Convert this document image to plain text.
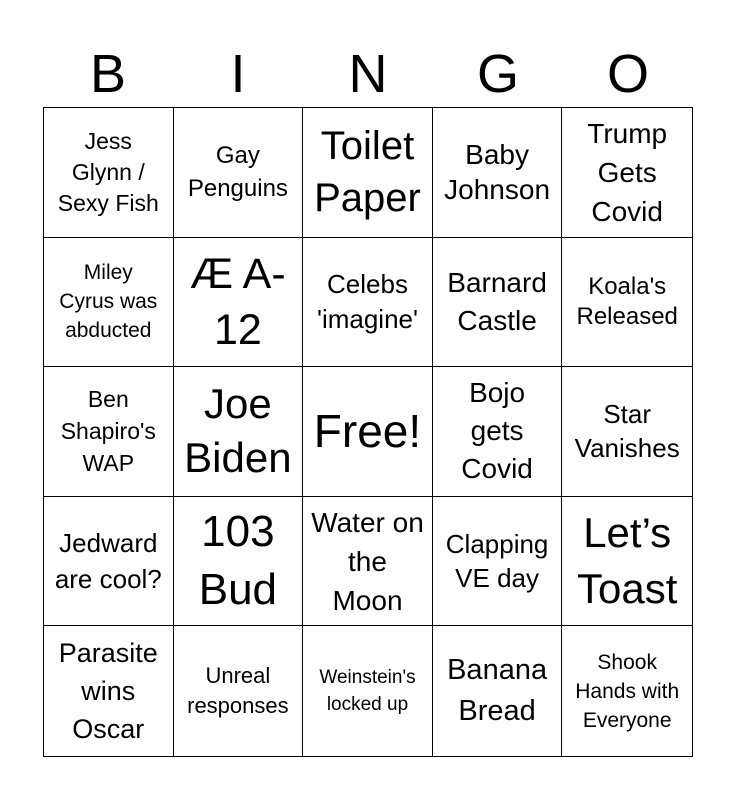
B	I	N	G	O
Jess Glynn / Sexy Fish
Gay Penguins
Toilet Paper
Baby Johnson
Trump Gets Covid
Miley Cyrus was abducted
Æ A-12
Celebs 'imagine'
Barnard Castle
Koala's Released
Ben Shapiro's WAP
Joe Biden
Free!
Bojo gets Covid
Star Vanishes
Jedward are cool?
103 Bud
Water on the Moon
Clapping VE day
Let’s Toast
Parasite wins Oscar
Unreal responses
Weinstein's locked up
Banana Bread
Shook Hands with Everyone
